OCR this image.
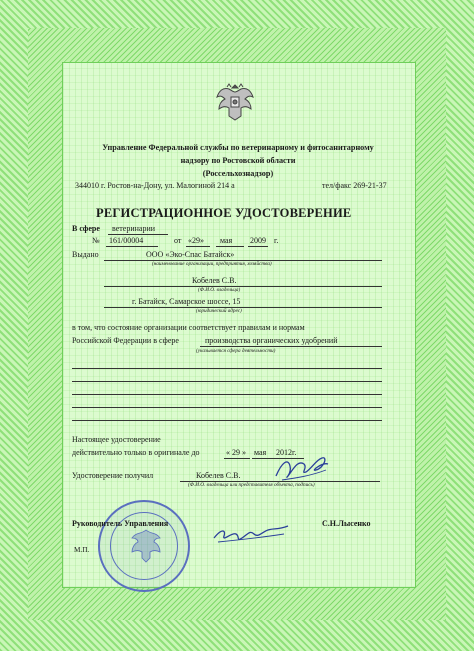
Управление Федеральной службы по ветеринарному и фитосанитарному
надзору по Ростовской области
(Россельхознадзор)
344010 г. Ростов-на-Дону, ул. Малогиной 214 а	тел/факс 269-21-37
РЕГИСТРАЦИОННОЕ УДОСТОВЕРЕНИЕ
В сфере ветеринарии
№ 161/00004	от «29» мая 2009 г.
Выдано	ООО «Эко-Спас Батайск»
(наименование организации, предприятия, хозяйства)
Кобелев С.В.
(Ф.И.О. владельца)
г. Батайск, Самарское шоссе, 15
(юридический адрес)
в том, что состояние организации соответствует правилам и нормам
Российской Федерации в сфере	производства органических удобрений
(указывается сфера деятельности)
Настоящее удостоверение
действительно только в оригинале до	« 29 » мая 2012г.
Удостоверение получил	Кобелев С.В.
(Ф.И.О. владельца или представителя объекта, подпись)
Руководитель Управления	С.Н.Лысенко
М.П.
